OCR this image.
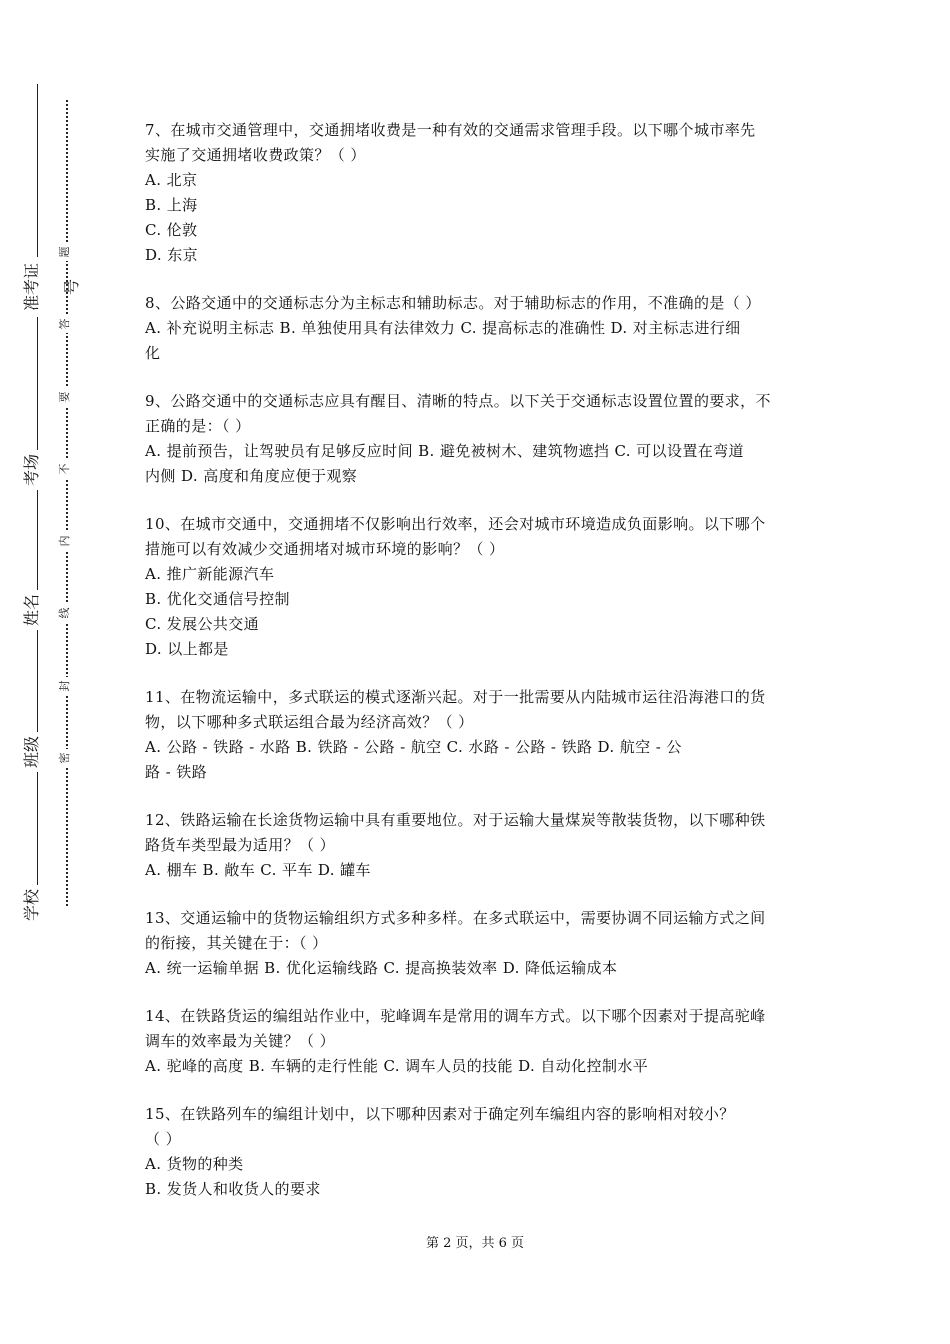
准考证号
考场
姓名
班级
学校
题
答
要
不
内
线
封
密

7、在城市交通管理中，交通拥堵收费是一种有效的交通需求管理手段。以下哪个城市率先

实施了交通拥堵收费政策？（ ）

A. 北京

B. 上海

C. 伦敦

D. 东京

8、公路交通中的交通标志分为主标志和辅助标志。对于辅助标志的作用，不准确的是（ ）

A. 补充说明主标志 B. 单独使用具有法律效力 C. 提高标志的准确性 D. 对主标志进行细

化

9、公路交通中的交通标志应具有醒目、清晰的特点。以下关于交通标志设置位置的要求，不

正确的是：（ ）

A. 提前预告，让驾驶员有足够反应时间 B. 避免被树木、建筑物遮挡 C. 可以设置在弯道

内侧 D. 高度和角度应便于观察

10、在城市交通中，交通拥堵不仅影响出行效率，还会对城市环境造成负面影响。以下哪个

措施可以有效减少交通拥堵对城市环境的影响？（ ）

A. 推广新能源汽车

B. 优化交通信号控制

C. 发展公共交通

D. 以上都是

11、在物流运输中，多式联运的模式逐渐兴起。对于一批需要从内陆城市运往沿海港口的货

物，以下哪种多式联运组合最为经济高效？（ ）

A. 公路 - 铁路 - 水路 B. 铁路 - 公路 - 航空 C. 水路 - 公路 - 铁路 D. 航空 - 公

路 - 铁路

12、铁路运输在长途货物运输中具有重要地位。对于运输大量煤炭等散装货物，以下哪种铁

路货车类型最为适用？（ ）

A. 棚车 B. 敞车 C. 平车 D. 罐车

13、交通运输中的货物运输组织方式多种多样。在多式联运中，需要协调不同运输方式之间

的衔接，其关键在于：（ ）

A. 统一运输单据 B. 优化运输线路 C. 提高换装效率 D. 降低运输成本

14、在铁路货运的编组站作业中，驼峰调车是常用的调车方式。以下哪个因素对于提高驼峰

调车的效率最为关键？（ ）

A. 驼峰的高度 B. 车辆的走行性能 C. 调车人员的技能 D. 自动化控制水平

15、在铁路列车的编组计划中，以下哪种因素对于确定列车编组内容的影响相对较小？

（ ）

A. 货物的种类

B. 发货人和收货人的要求

第 2 页，共 6 页
